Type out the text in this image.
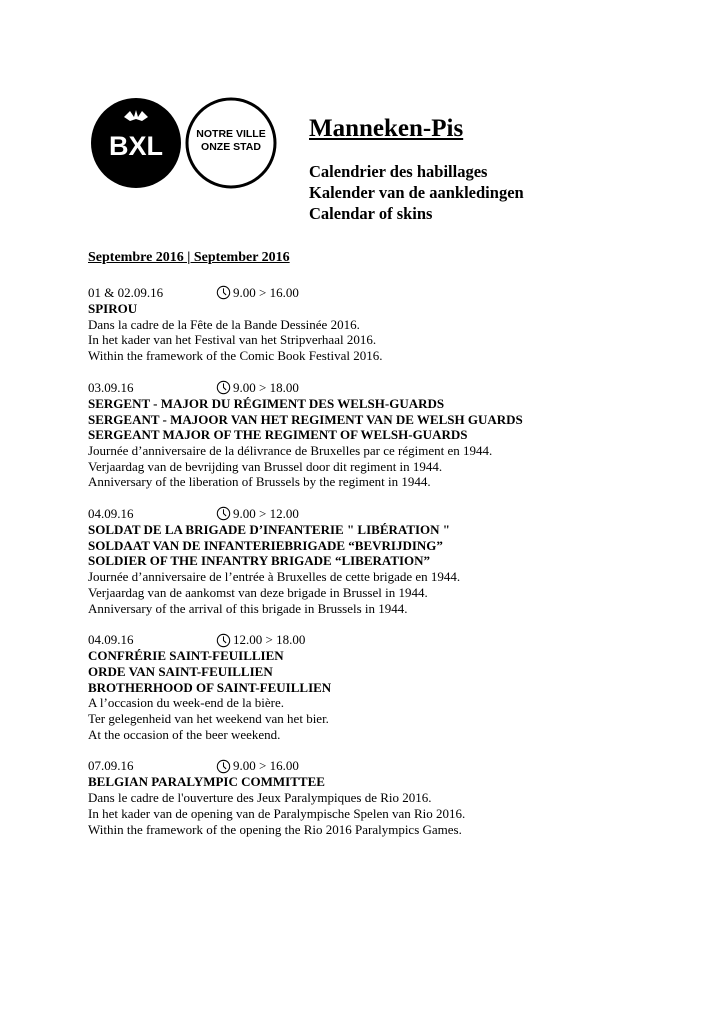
BXL	NOTRE VILLE
ONZE STAD
Manneken-Pis

Calendrier des habillages

Kalender van de aankledingen

Calendar of skins

Septembre 2016 | September 2016
01 & 02.09.16	9.00 > 16.00

SPIROU

Dans la cadre de la Fête de la Bande Dessinée 2016.

In het kader van het Festival van het Stripverhaal 2016.

Within the framework of the Comic Book Festival 2016.

03.09.16	9.00 > 18.00

SERGENT - MAJOR DU RÉGIMENT DES WELSH-GUARDS

SERGEANT - MAJOOR VAN HET REGIMENT VAN DE WELSH GUARDS

SERGEANT MAJOR OF THE REGIMENT OF WELSH-GUARDS

Journée d’anniversaire de la délivrance de Bruxelles par ce régiment en 1944.

Verjaardag van de bevrijding van Brussel door dit regiment in 1944.

Anniversary of the liberation of Brussels by the regiment in 1944.

04.09.16	9.00 > 12.00

SOLDAT DE LA BRIGADE D’INFANTERIE " LIBÉRATION "

SOLDAAT VAN DE INFANTERIEBRIGADE “BEVRIJDING”

SOLDIER OF THE INFANTRY BRIGADE “LIBERATION”

Journée d’anniversaire de l’entrée à Bruxelles de cette brigade en 1944.

Verjaardag van de aankomst van deze brigade in Brussel in 1944.

Anniversary of the arrival of this brigade in Brussels in 1944.

04.09.16	12.00 > 18.00

CONFRÉRIE SAINT-FEUILLIEN

ORDE VAN SAINT-FEUILLIEN

BROTHERHOOD OF SAINT-FEUILLIEN

A l’occasion du week-end de la bière.

Ter gelegenheid van het weekend van het bier.

At the occasion of the beer weekend.

07.09.16	9.00 > 16.00

BELGIAN PARALYMPIC COMMITTEE

Dans le cadre de l'ouverture des Jeux Paralympiques de Rio 2016.

In het kader van de opening van de Paralympische Spelen van Rio 2016.

Within the framework of the opening the Rio 2016 Paralympics Games.
